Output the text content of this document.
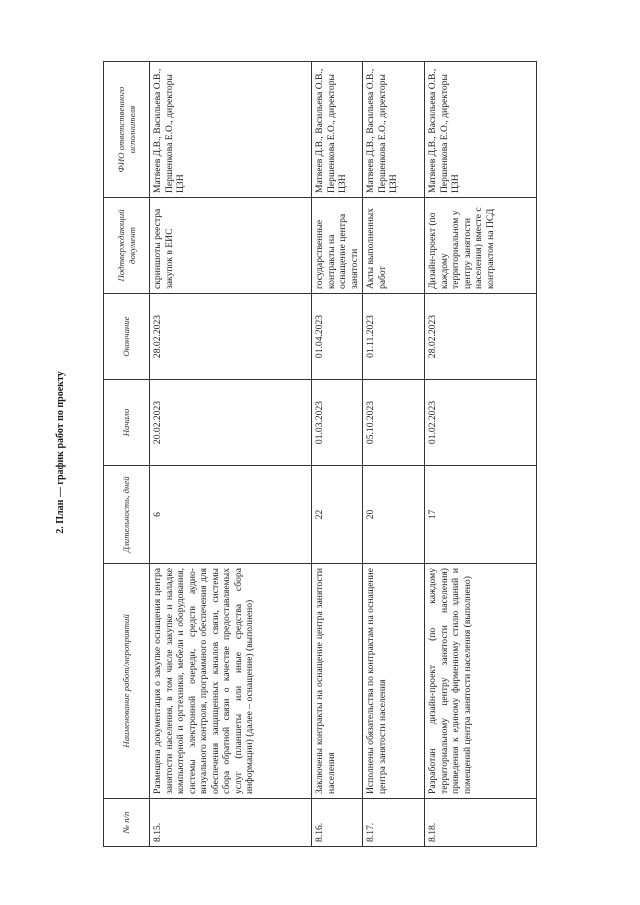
2. План — график работ по проекту
№ п/п	Наименование работ/мероприятий	Длительность, дней	Начало	Окончание	Подтверждающий документ	ФИО ответственного исполнителя
8.15.	Размещена документация о закупке оснащения центра занятости населения, в том числе закупке и наладке компьютерной и оргтехники, мебели и оборудования, системы электронной очереди, средств аудио-визуального контроля, программного обеспечения для обеспечения защищенных каналов связи, системы сбора обратной связи о качестве предоставляемых услуг (планшеты или иные средства сбора информации) (далее – оснащение) (выполнено)	6	20.02.2023	28.02.2023	скриншоты реестра закупок в ЕИС	Матвеев Д.В., Васильева О.В., Першенкова Е.О., директоры ЦЗН
8.16.	Заключены контракты на оснащение центра занятости населения	22	01.03.2023	01.04.2023	государственные контракты на оснащение центра занятости	Матвеев Д.В., Васильева О.В., Першенкова Е.О., директоры ЦЗН
8.17.	Исполнены обязательства по контрактам на оснащение центра занятости населения	20	05.10.2023	01.11.2023	Акты выполненных работ	Матвеев Д.В., Васильева О.В., Першенкова Е.О., директоры ЦЗН
8.18.	Разработан дизайн-проект (по каждому территориальному центру занятости населения) приведения к единому фирменному стилю зданий и помещений центра занятости населения (выполнено)	17	01.02.2023	28.02.2023	Дизайн-проект (по каждому территориальном у центру занятости населения) вместе с контрактом на ПСД	Матвеев Д.В., Васильева О.В., Першенкова Е.О., директоры ЦЗН
